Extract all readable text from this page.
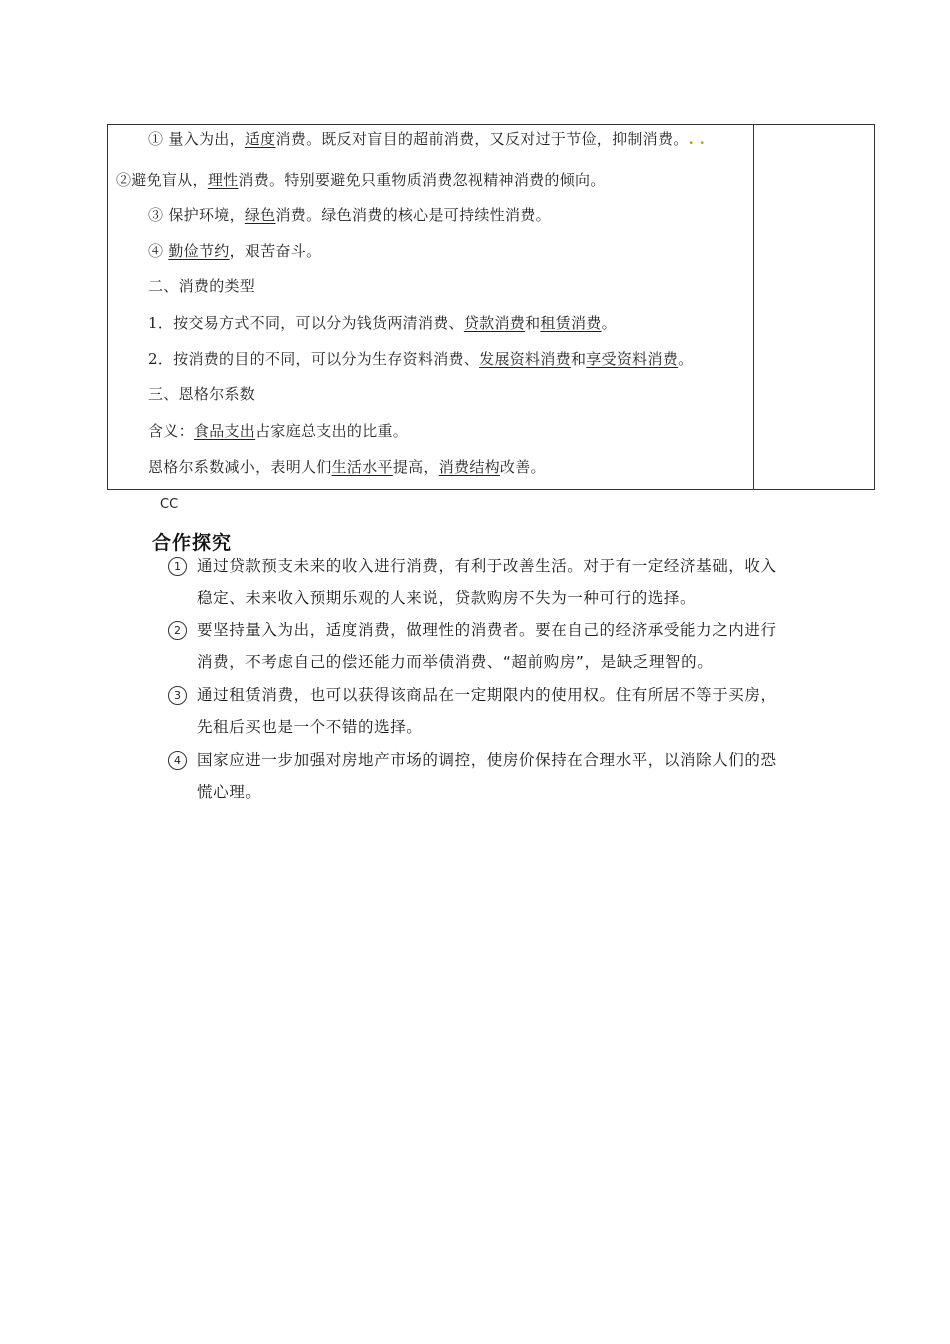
① 量入为出，适度消费。既反对盲目的超前消费，又反对过于节俭，抑制消费。. .
②避免盲从，理性消费。特别要避免只重物质消费忽视精神消费的倾向。
③ 保护环境，绿色消费。绿色消费的核心是可持续性消费。
④ 勤俭节约，艰苦奋斗。
二、消费的类型
1．按交易方式不同，可以分为钱货两清消费、贷款消费和租赁消费。
2．按消费的目的不同，可以分为生存资料消费、发展资料消费和享受资料消费。
三、恩格尔系数
含义：食品支出占家庭总支出的比重。
恩格尔系数减小，表明人们生活水平提高，消费结构改善。
CC
合作探究
1	通过贷款预支未来的收入进行消费，有利于改善生活。对于有一定经济基础，收入
稳定、未来收入预期乐观的人来说，贷款购房不失为一种可行的选择。
2	要坚持量入为出，适度消费，做理性的消费者。要在自己的经济承受能力之内进行
消费，不考虑自己的偿还能力而举债消费、“超前购房”，是缺乏理智的。
3	通过租赁消费，也可以获得该商品在一定期限内的使用权。住有所居不等于买房，
先租后买也是一个不错的选择。
4	国家应进一步加强对房地产市场的调控，使房价保持在合理水平，以消除人们的恐
慌心理。
